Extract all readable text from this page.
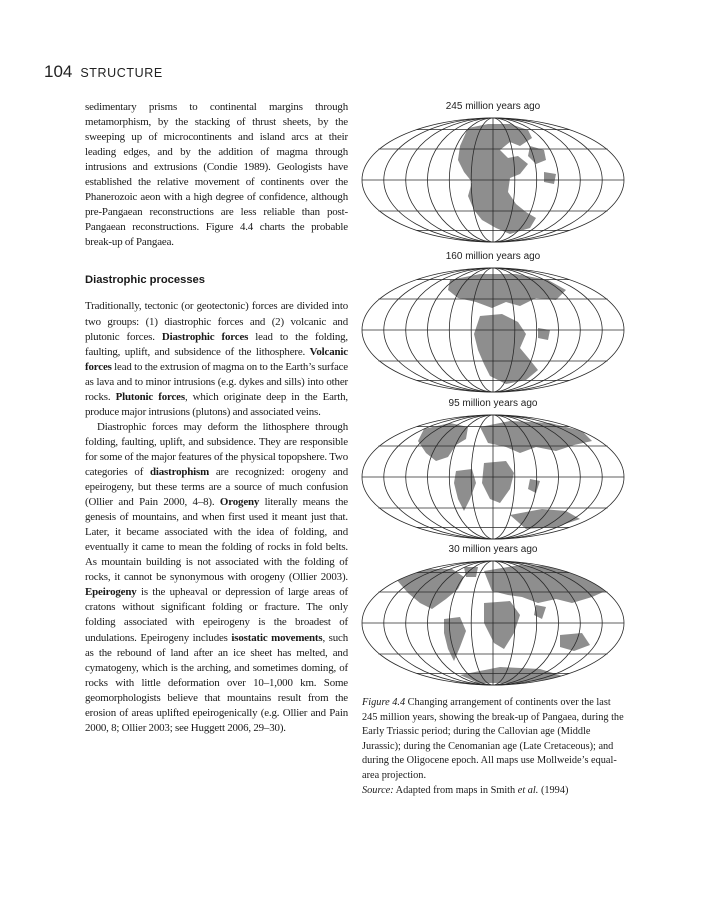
104 STRUCTURE

sedimentary prisms to continental margins through metamorphism, by the stacking of thrust sheets, by the sweeping up of microcontinents and island arcs at their leading edges, and by the addition of magma through intrusions and extrusions (Condie 1989). Geologists have established the relative movement of continents over the Phanerozoic aeon with a high degree of confidence, although pre-Pangaean reconstructions are less reliable than post-Pangaean reconstructions. Figure 4.4 charts the probable break-up of Pangaea.

Diastrophic processes

Traditionally, tectonic (or geotectonic) forces are divided into two groups: (1) diastrophic forces and (2) volcanic and plutonic forces. Diastrophic forces lead to the folding, faulting, uplift, and subsidence of the lithosphere. Volcanic forces lead to the extrusion of magma on to the Earth’s surface as lava and to minor intrusions (e.g. dykes and sills) into other rocks. Plutonic forces, which originate deep in the Earth, produce major intrusions (plutons) and associated veins.

Diastrophic forces may deform the lithosphere through folding, faulting, uplift, and subsidence. They are responsible for some of the major features of the physical topopshere. Two categories of diastrophism are recognized: orogeny and epeirogeny, but these terms are a source of much confusion (Ollier and Pain 2000, 4–8). Orogeny literally means the genesis of mountains, and when first used it meant just that. Later, it became associated with the idea of folding, and eventually it came to mean the folding of rocks in fold belts. As mountain building is not associated with the folding of rocks, it cannot be synonymous with orogeny (Ollier 2003). Epeirogeny is the upheaval or depression of large areas of cratons without significant folding or fracture. The only folding associated with epeirogeny is the broadest of undulations. Epeirogeny includes isostatic movements, such as the rebound of land after an ice sheet has melted, and cymatogeny, which is the arching, and sometimes doming, of rocks with little deformation over 10–1,000 km. Some geomorphologists believe that mountains result from the erosion of areas uplifted epeirogenically (e.g. Ollier and Pain 2000, 8; Ollier 2003; see Huggett 2006, 29–30).

245 million years ago
160 million years ago
95 million years ago
30 million years ago
Figure 4.4 Changing arrangement of continents over the last 245 million years, showing the break-up of Pangaea, during the Early Triassic period; during the Callovian age (Middle Jurassic); during the Cenomanian age (Late Cretaceous); and during the Oligocene epoch. All maps use Mollweide’s equal-area projection.
Source: Adapted from maps in Smith et al. (1994)
